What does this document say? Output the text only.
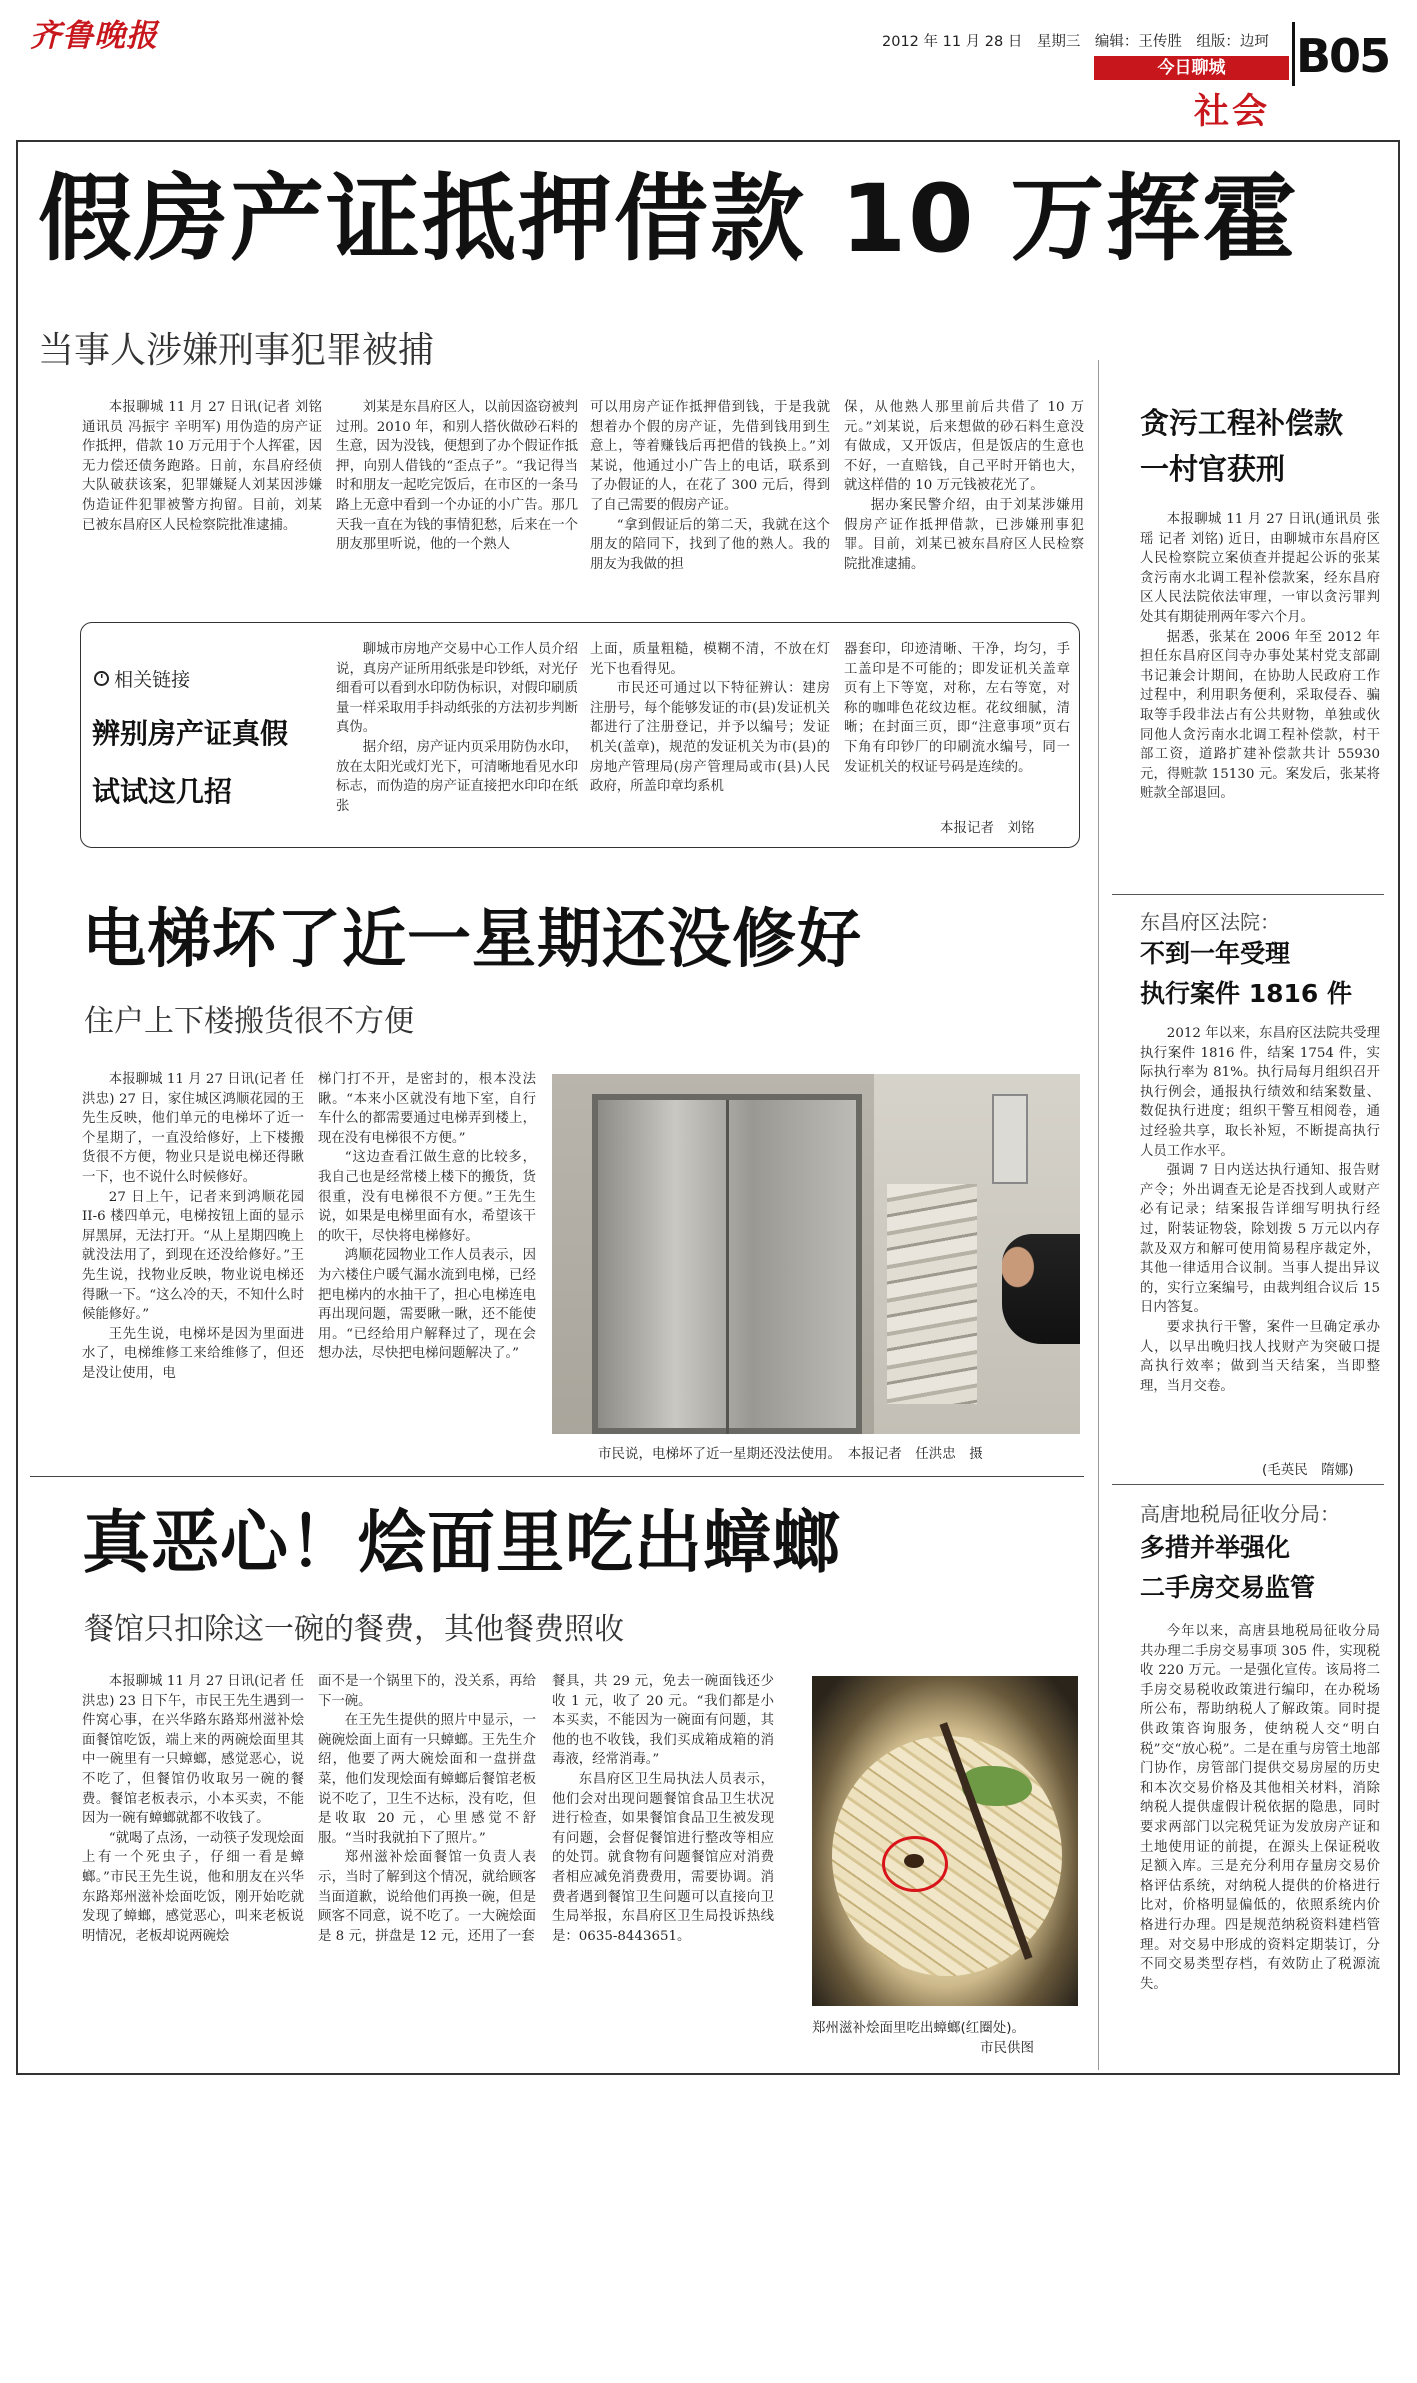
齐鲁晚报	2012 年 11 月 28 日　星期三　编辑：王传胜　组版：边珂
今日聊城
社会
B05
假房产证抵押借款 10 万挥霍
当事人涉嫌刑事犯罪被捕

本报聊城 11 月 27 日讯(记者 刘铭 通讯员 冯振宇 辛明军) 用伪造的房产证作抵押，借款 10 万元用于个人挥霍，因无力偿还债务跑路。日前，东昌府经侦大队破获该案，犯罪嫌疑人刘某因涉嫌伪造证件犯罪被警方拘留。目前，刘某已被东昌府区人民检察院批准逮捕。

刘某是东昌府区人，以前因盗窃被判过刑。2010 年，和别人搭伙做砂石料的生意，因为没钱，便想到了办个假证作抵押，向别人借钱的“歪点子”。“我记得当时和朋友一起吃完饭后，在市区的一条马路上无意中看到一个办证的小广告。那几天我一直在为钱的事情犯愁，后来在一个朋友那里听说，他的一个熟人

可以用房产证作抵押借到钱，于是我就想着办个假的房产证，先借到钱用到生意上，等着赚钱后再把借的钱换上。”刘某说，他通过小广告上的电话，联系到了办假证的人，在花了 300 元后，得到了自己需要的假房产证。

“拿到假证后的第二天，我就在这个朋友的陪同下，找到了他的熟人。我的朋友为我做的担

保，从他熟人那里前后共借了 10 万元。”刘某说，后来想做的砂石料生意没有做成，又开饭店，但是饭店的生意也不好，一直赔钱，自己平时开销也大，就这样借的 10 万元钱被花光了。

据办案民警介绍，由于刘某涉嫌用假房产证作抵押借款，已涉嫌刑事犯罪。目前，刘某已被东昌府区人民检察院批准逮捕。

相关链接
辨别房产证真假
试试这几招

聊城市房地产交易中心工作人员介绍说，真房产证所用纸张是印钞纸，对光仔细看可以看到水印防伪标识，对假印刷质量一样采取用手抖动纸张的方法初步判断真伪。

据介绍，房产证内页采用防伪水印，放在太阳光或灯光下，可清晰地看见水印标志，而伪造的房产证直接把水印印在纸张

上面，质量粗糙，模糊不清，不放在灯光下也看得见。

市民还可通过以下特征辨认：建房注册号，每个能够发证的市(县)发证机关都进行了注册登记，并予以编号；发证机关(盖章)，规范的发证机关为市(县)的房地产管理局(房产管理局或市(县)人民政府，所盖印章均系机

器套印，印迹清晰、干净，均匀，手工盖印是不可能的；即发证机关盖章页有上下等宽，对称，左右等宽，对称的咖啡色花纹边框。花纹细腻，清晰；在封面三页，即“注意事项”页右下角有印钞厂的印刷流水编号，同一发证机关的权证号码是连续的。

本报记者　刘铭
电梯坏了近一星期还没修好
住户上下楼搬货很不方便

本报聊城 11 月 27 日讯(记者 任洪忠) 27 日，家住城区鸿顺花园的王先生反映，他们单元的电梯坏了近一个星期了，一直没给修好，上下楼搬货很不方便，物业只是说电梯还得瞅一下，也不说什么时候修好。

27 日上午，记者来到鸿顺花园 II-6 楼四单元，电梯按钮上面的显示屏黑屏，无法打开。“从上星期四晚上就没法用了，到现在还没给修好。”王先生说，找物业反映，物业说电梯还得瞅一下。“这么冷的天，不知什么时候能修好。”

王先生说，电梯坏是因为里面进水了，电梯维修工来给维修了，但还是没让使用，电

梯门打不开，是密封的，根本没法瞅。“本来小区就没有地下室，自行车什么的都需要通过电梯弄到楼上，现在没有电梯很不方便。”

“这边查看江做生意的比较多，我自己也是经常楼上楼下的搬货，货很重，没有电梯很不方便。”王先生说，如果是电梯里面有水，希望该干的吹干，尽快将电梯修好。

鸿顺花园物业工作人员表示，因为六楼住户暖气漏水流到电梯，已经把电梯内的水抽干了，担心电梯连电再出现问题，需要瞅一瞅，还不能使用。“已经给用户解释过了，现在会想办法，尽快把电梯问题解决了。”

市民说，电梯坏了近一星期还没法使用。　本报记者　任洪忠　摄
真恶心！烩面里吃出蟑螂
餐馆只扣除这一碗的餐费，其他餐费照收

本报聊城 11 月 27 日讯(记者 任洪忠) 23 日下午，市民王先生遇到一件窝心事，在兴华路东路郑州滋补烩面餐馆吃饭，端上来的两碗烩面里其中一碗里有一只蟑螂，感觉恶心，说不吃了，但餐馆仍收取另一碗的餐费。餐馆老板表示，小本买卖，不能因为一碗有蟑螂就都不收钱了。

“就喝了点汤，一动筷子发现烩面上有一个死虫子，仔细一看是蟑螂。”市民王先生说，他和朋友在兴华东路郑州滋补烩面吃饭，刚开始吃就发现了蟑螂，感觉恶心，叫来老板说明情况，老板却说两碗烩

面不是一个锅里下的，没关系，再给下一碗。

在王先生提供的照片中显示，一碗碗烩面上面有一只蟑螂。王先生介绍，他要了两大碗烩面和一盘拼盘菜，他们发现烩面有蟑螂后餐馆老板说不吃了，卫生不达标，没有吃，但是收取 20 元，心里感觉不舒服。“当时我就拍下了照片。”

郑州滋补烩面餐馆一负责人表示，当时了解到这个情况，就给顾客当面道歉，说给他们再换一碗，但是顾客不同意，说不吃了。一大碗烩面是 8 元，拼盘是 12 元，还用了一套

餐具，共 29 元，免去一碗面钱还少收 1 元，收了 20 元。“我们都是小本买卖，不能因为一碗面有问题，其他的也不收钱，我们买成箱成箱的消毒液，经常消毒。”

东昌府区卫生局执法人员表示，他们会对出现问题餐馆食品卫生状况进行检查，如果餐馆食品卫生被发现有问题，会督促餐馆进行整改等相应的处罚。就食物有问题餐馆应对消费者相应减免消费费用，需要协调。消费者遇到餐馆卫生问题可以直接向卫生局举报，东昌府区卫生局投诉热线是：0635-8443651。

郑州滋补烩面里吃出蟑螂(红圈处)。
市民供图
贪污工程补偿款
一村官获刑

本报聊城 11 月 27 日讯(通讯员 张瑶 记者 刘铭) 近日，由聊城市东昌府区人民检察院立案侦查并提起公诉的张某贪污南水北调工程补偿款案，经东昌府区人民法院依法审理，一审以贪污罪判处其有期徒刑两年零六个月。

据悉，张某在 2006 年至 2012 年担任东昌府区闫寺办事处某村党支部副书记兼会计期间，在协助人民政府工作过程中，利用职务便利，采取侵吞、骗取等手段非法占有公共财物，单独或伙同他人贪污南水北调工程补偿款，村干部工资，道路扩建补偿款共计 55930 元，得赃款 15130 元。案发后，张某将赃款全部退回。

东昌府区法院：
不到一年受理
执行案件 1816 件

2012 年以来，东昌府区法院共受理执行案件 1816 件，结案 1754 件，实际执行率为 81%。执行局每月组织召开执行例会，通报执行绩效和结案数量、数促执行进度；组织干警互相阅卷，通过经验共享，取长补短，不断提高执行人员工作水平。

强调 7 日内送达执行通知、报告财产令；外出调查无论是否找到人或财产必有记录；结案报告详细写明执行经过，附装证物袋，除划拨 5 万元以内存款及双方和解可使用简易程序裁定外，其他一律适用合议制。当事人提出异议的，实行立案编号，由裁判组合议后 15 日内答复。

要求执行干警，案件一旦确定承办人，以早出晚归找人找财产为突破口提高执行效率；做到当天结案，当即整理，当月交卷。

(毛英民　隋娜)
高唐地税局征收分局：
多措并举强化
二手房交易监管

今年以来，高唐县地税局征收分局共办理二手房交易事项 305 件，实现税收 220 万元。一是强化宣传。该局将二手房交易税收政策进行编印，在办税场所公布，帮助纳税人了解政策。同时提供政策咨询服务，使纳税人交“明白税”交“放心税”。二是在重与房管土地部门协作，房管部门提供交易房屋的历史和本次交易价格及其他相关材料，消除纳税人提供虚假计税依据的隐患，同时要求两部门以完税凭证为发放房产证和土地使用证的前提，在源头上保证税收足额入库。三是充分利用存量房交易价格评估系统，对纳税人提供的价格进行比对，价格明显偏低的，依照系统内价格进行办理。四是规范纳税资料建档管理。对交易中形成的资料定期装订，分不同交易类型存档，有效防止了税源流失。
